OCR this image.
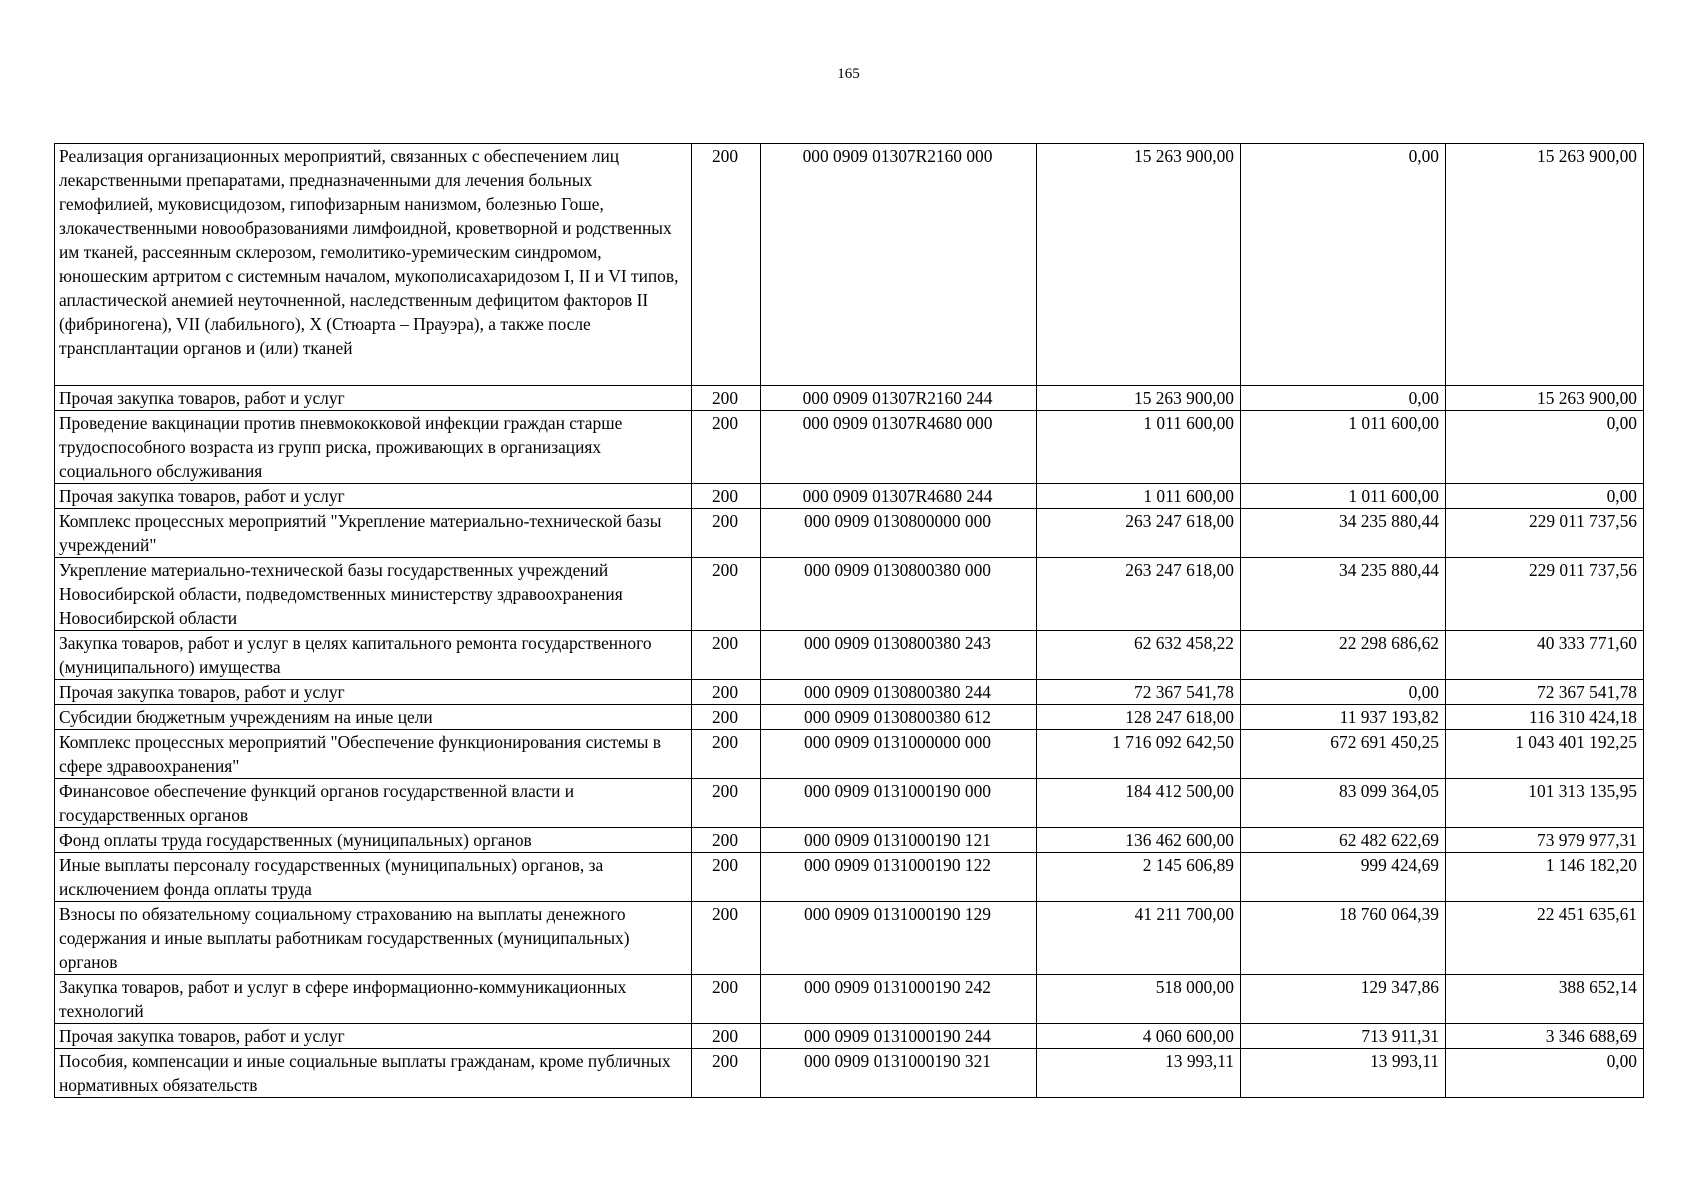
165
Реализация организационных мероприятий, связанных с обеспечением лиц лекарственными препаратами, предназначенными для лечения больных гемофилией, муковисцидозом, гипофизарным нанизмом, болезнью Гоше, злокачественными новообразованиями лимфоидной, кроветворной и родственных им тканей, рассеянным склерозом, гемолитико-уремическим синдромом, юношеским артритом с системным началом, мукополисахаридозом I, II и VI типов, апластической анемией неуточненной, наследственным дефицитом факторов II (фибриногена), VII (лабильного), X (Стюарта – Прауэра), а также после трансплантации органов и (или) тканей	200	000 0909 01307R2160 000	15 263 900,00	0,00	15 263 900,00
Прочая закупка товаров, работ и услуг	200	000 0909 01307R2160 244	15 263 900,00	0,00	15 263 900,00
Проведение вакцинации против пневмококковой инфекции граждан старше трудоспособного возраста из групп риска, проживающих в организациях социального обслуживания	200	000 0909 01307R4680 000	1 011 600,00	1 011 600,00	0,00
Прочая закупка товаров, работ и услуг	200	000 0909 01307R4680 244	1 011 600,00	1 011 600,00	0,00
Комплекс процессных мероприятий "Укрепление материально-технической базы учреждений"	200	000 0909 0130800000 000	263 247 618,00	34 235 880,44	229 011 737,56
Укрепление материально-технической базы государственных учреждений Новосибирской области, подведомственных министерству здравоохранения Новосибирской области	200	000 0909 0130800380 000	263 247 618,00	34 235 880,44	229 011 737,56
Закупка товаров, работ и услуг в целях капитального ремонта государственного (муниципального) имущества	200	000 0909 0130800380 243	62 632 458,22	22 298 686,62	40 333 771,60
Прочая закупка товаров, работ и услуг	200	000 0909 0130800380 244	72 367 541,78	0,00	72 367 541,78
Субсидии бюджетным учреждениям на иные цели	200	000 0909 0130800380 612	128 247 618,00	11 937 193,82	116 310 424,18
Комплекс процессных мероприятий "Обеспечение функционирования системы в сфере здравоохранения"	200	000 0909 0131000000 000	1 716 092 642,50	672 691 450,25	1 043 401 192,25
Финансовое обеспечение функций органов государственной власти и государственных органов	200	000 0909 0131000190 000	184 412 500,00	83 099 364,05	101 313 135,95
Фонд оплаты труда государственных (муниципальных) органов	200	000 0909 0131000190 121	136 462 600,00	62 482 622,69	73 979 977,31
Иные выплаты персоналу государственных (муниципальных) органов, за исключением фонда оплаты труда	200	000 0909 0131000190 122	2 145 606,89	999 424,69	1 146 182,20
Взносы по обязательному социальному страхованию на выплаты денежного содержания и иные выплаты работникам государственных (муниципальных) органов	200	000 0909 0131000190 129	41 211 700,00	18 760 064,39	22 451 635,61
Закупка товаров, работ и услуг в сфере информационно-коммуникационных технологий	200	000 0909 0131000190 242	518 000,00	129 347,86	388 652,14
Прочая закупка товаров, работ и услуг	200	000 0909 0131000190 244	4 060 600,00	713 911,31	3 346 688,69
Пособия, компенсации и иные социальные выплаты гражданам, кроме публичных нормативных обязательств	200	000 0909 0131000190 321	13 993,11	13 993,11	0,00
